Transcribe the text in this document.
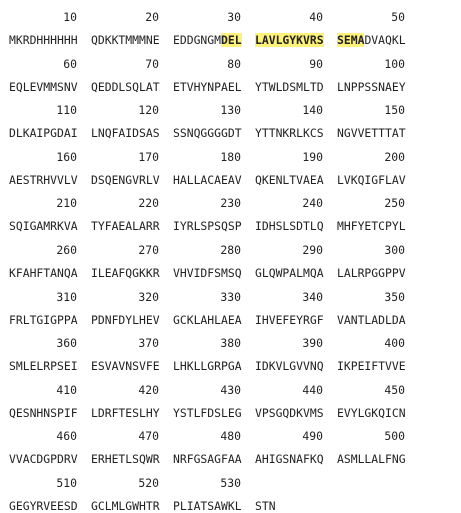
10	20	30	40	50
MKRDHHHHHH QDKKTMMMNE EDDGNGMDEL LAVLGYKVRS SEMADVAQKL
60	70	80	90	100
EQLEVMMSNV QEDDLSQLAT ETVHYNPAEL YTWLDSMLTD LNPPSSNAEY
110	120	130	140	150
DLKAIPGDAI LNQFAIDSAS SSNQGGGGDT YTTNKRLKCS NGVVETTTAT
160	170	180	190	200
AESTRHVVLV DSQENGVRLV HALLACAEAV QKENLTVAEA LVKQIGFLAV
210	220	230	240	250
SQIGAMRKVA TYFAEALARR IYRLSPSQSP IDHSLSDTLQ MHFYETCPYL
260	270	280	290	300
KFAHFTANQA ILEAFQGKKR VHVIDFSMSQ GLQWPALMQA LALRPGGPPV
310	320	330	340	350
FRLTGIGPPA PDNFDYLHEV GCKLAHLAEA IHVEFEYRGF VANTLADLDA
360	370	380	390	400
SMLELRPSEI ESVAVNSVFE LHKLLGRPGA IDKVLGVVNQ IKPEIFTVVE
410	420	430	440	450
QESNHNSPIF LDRFTESLHY YSTLFDSLEG VPSGQDKVMS EVYLGKQICN
460	470	480	490	500
VVACDGPDRV ERHETLSQWR NRFGSAGFAA AHIGSNAFKQ ASMLLALFNG
510	520	530
GEGYRVEESD GCLMLGWHTR PLIATSAWKL STN
